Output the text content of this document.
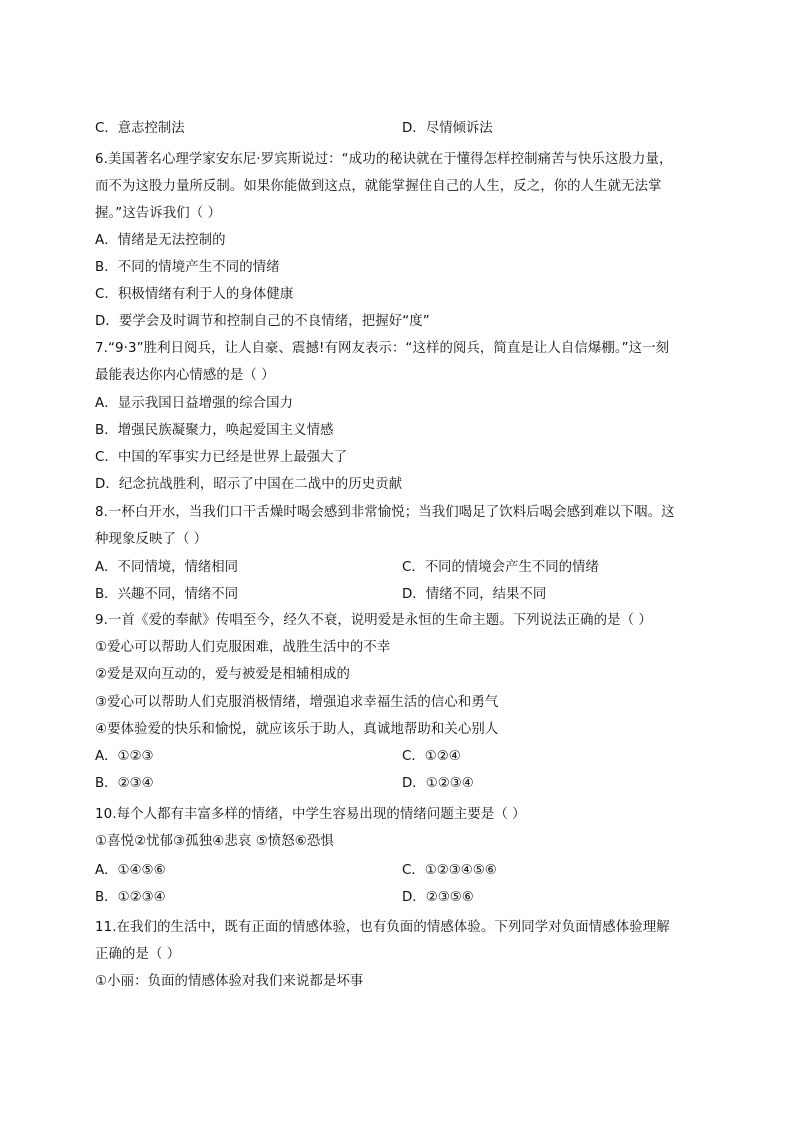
C．意志控制法	D．尽情倾诉法
6.美国著名心理学家安东尼·罗宾斯说过：“成功的秘诀就在于懂得怎样控制痛苦与快乐这股力量，
而不为这股力量所反制。如果你能做到这点，就能掌握住自己的人生，反之，你的人生就无法掌
握。”这告诉我们（ ）
A．情绪是无法控制的
B．不同的情境产生不同的情绪
C．积极情绪有利于人的身体健康
D．要学会及时调节和控制自己的不良情绪，把握好“度”
7.“9·3”胜利日阅兵，让人自豪、震撼!有网友表示：“这样的阅兵，简直是让人自信爆棚。”这一刻
最能表达你内心情感的是（ ）
A．显示我国日益增强的综合国力
B．增强民族凝聚力，唤起爱国主义情感
C．中国的军事实力已经是世界上最强大了
D．纪念抗战胜利，昭示了中国在二战中的历史贡献
8.一杯白开水，当我们口干舌燥时喝会感到非常愉悦；当我们喝足了饮料后喝会感到难以下咽。这
种现象反映了（ ）
A．不同情境，情绪相同	C．不同的情境会产生不同的情绪
B．兴趣不同，情绪不同	D．情绪不同，结果不同
9.一首《爱的奉献》传唱至今，经久不衰，说明爱是永恒的生命主题。下列说法正确的是（ ）
①爱心可以帮助人们克服困难，战胜生活中的不幸
②爱是双向互动的，爱与被爱是相辅相成的
③爱心可以帮助人们克服消极情绪，增强追求幸福生活的信心和勇气
④要体验爱的快乐和愉悦，就应该乐于助人，真诚地帮助和关心别人
A．①②③	C．①②④
B．②③④	D．①②③④
10.每个人都有丰富多样的情绪，中学生容易出现的情绪问题主要是（ ）
①喜悦②忧郁③孤独④悲哀 ⑤愤怒⑥恐惧
A．①④⑤⑥	C．①②③④⑤⑥
B．①②③④	D．②③⑤⑥
11.在我们的生活中，既有正面的情感体验，也有负面的情感体验。下列同学对负面情感体验理解
正确的是（ ）
①小丽：负面的情感体验对我们来说都是坏事
